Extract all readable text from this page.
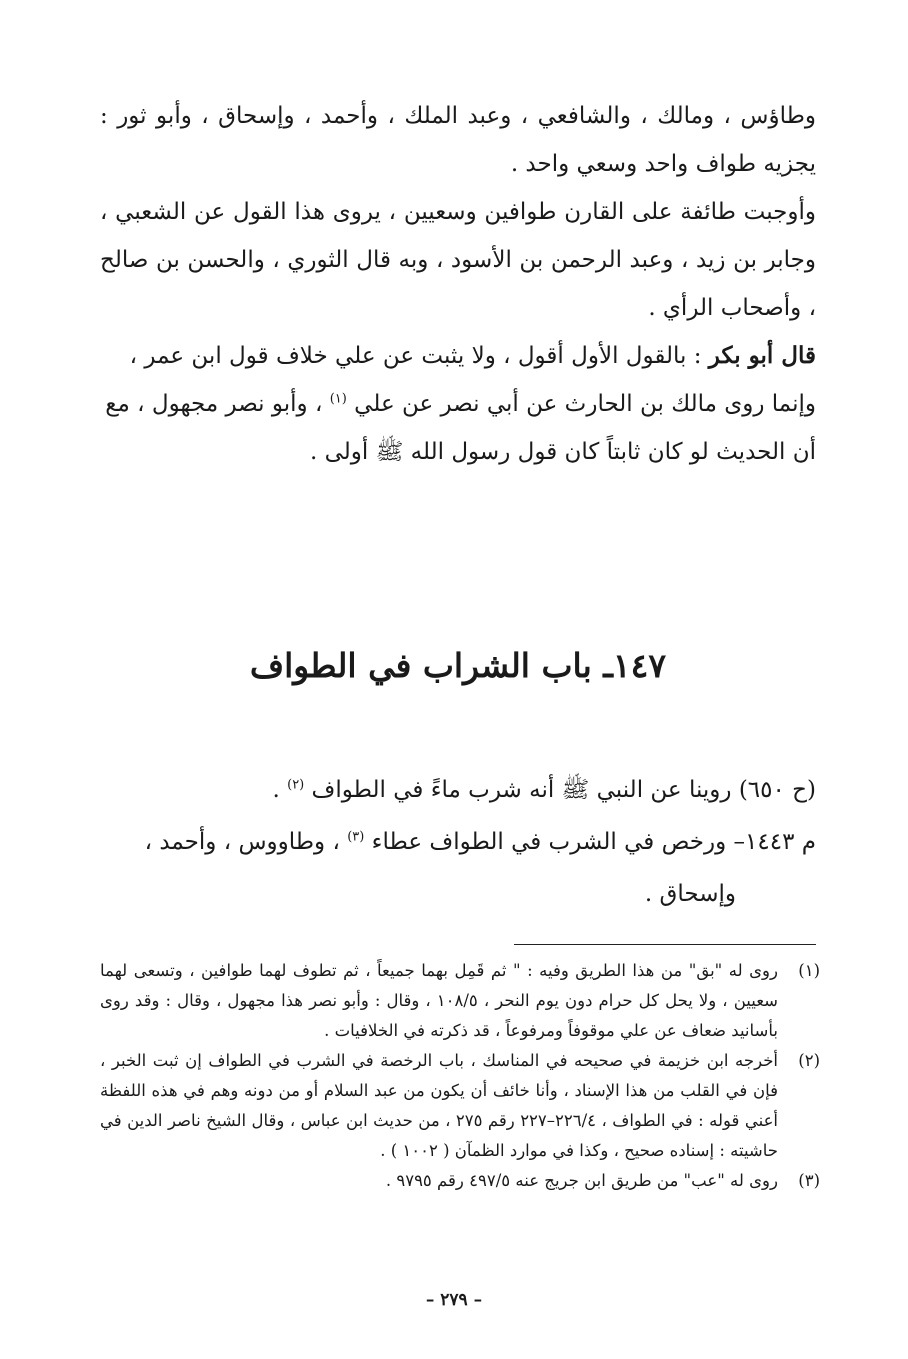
وطاؤس ، ومالك ، والشافعي ، وعبد الملك ، وأحمد ، وإسحاق ، وأبو ثور : يجزيه طواف واحد وسعي واحد .

وأوجبت طائفة على القارن طوافين وسعيين ، يروى هذا القول عن الشعبي ، وجابر بن زيد ، وعبد الرحمن بن الأسود ، وبه قال الثوري ، والحسن بن صالح ، وأصحاب الرأي .

قال أبو بكر : بالقول الأول أقول ، ولا يثبت عن علي خلاف قول ابن عمر ، وإنما روى مالك بن الحارث عن أبي نصر عن علي $^{(١)}$ ، وأبو نصر مجهول ، مع أن الحديث لو كان ثابتاً كان قول رسول الله ﷺ أولى .

١٤٧ـ باب الشراب في الطواف

(ح ٦٥٠) روينا عن النبي ﷺ أنه شرب ماءً في الطواف $^{(٢)}$ .

م ١٤٤٣– ورخص في الشرب في الطواف عطاء $^{(٣)}$ ، وطاووس ، وأحمد ،

وإسحاق .

(١)
روى له "بق" من هذا الطريق وفيه : " ثم قَمِل بهما جميعاً ، ثم تطوف لهما طوافين ، وتسعى لهما سعيين ، ولا يحل كل حرام دون يوم النحر ، ١٠٨/٥ ، وقال : وأبو نصر هذا مجهول ، وقال : وقد روى بأسانيد ضعاف عن علي موقوفاً ومرفوعاً ، قد ذكرته في الخلافيات .
(٢)
أخرجه ابن خزيمة في صحيحه في المناسك ، باب الرخصة في الشرب في الطواف إن ثبت الخبر ، فإن في القلب من هذا الإسناد ، وأنا خائف أن يكون من عبد السلام أو من دونه وهم في هذه اللفظة أعني قوله : في الطواف ، ٢٢٦/٤–٢٢٧ رقم ٢٧٥ ، من حديث ابن عباس ، وقال الشيخ ناصر الدين في حاشيته : إسناده صحيح ، وكذا في موارد الظمآن ( ١٠٠٢ ) .
(٣)
روى له "عب" من طريق ابن جريج عنه ٤٩٧/٥ رقم ٩٧٩٥ .
– ٢٧٩ –
